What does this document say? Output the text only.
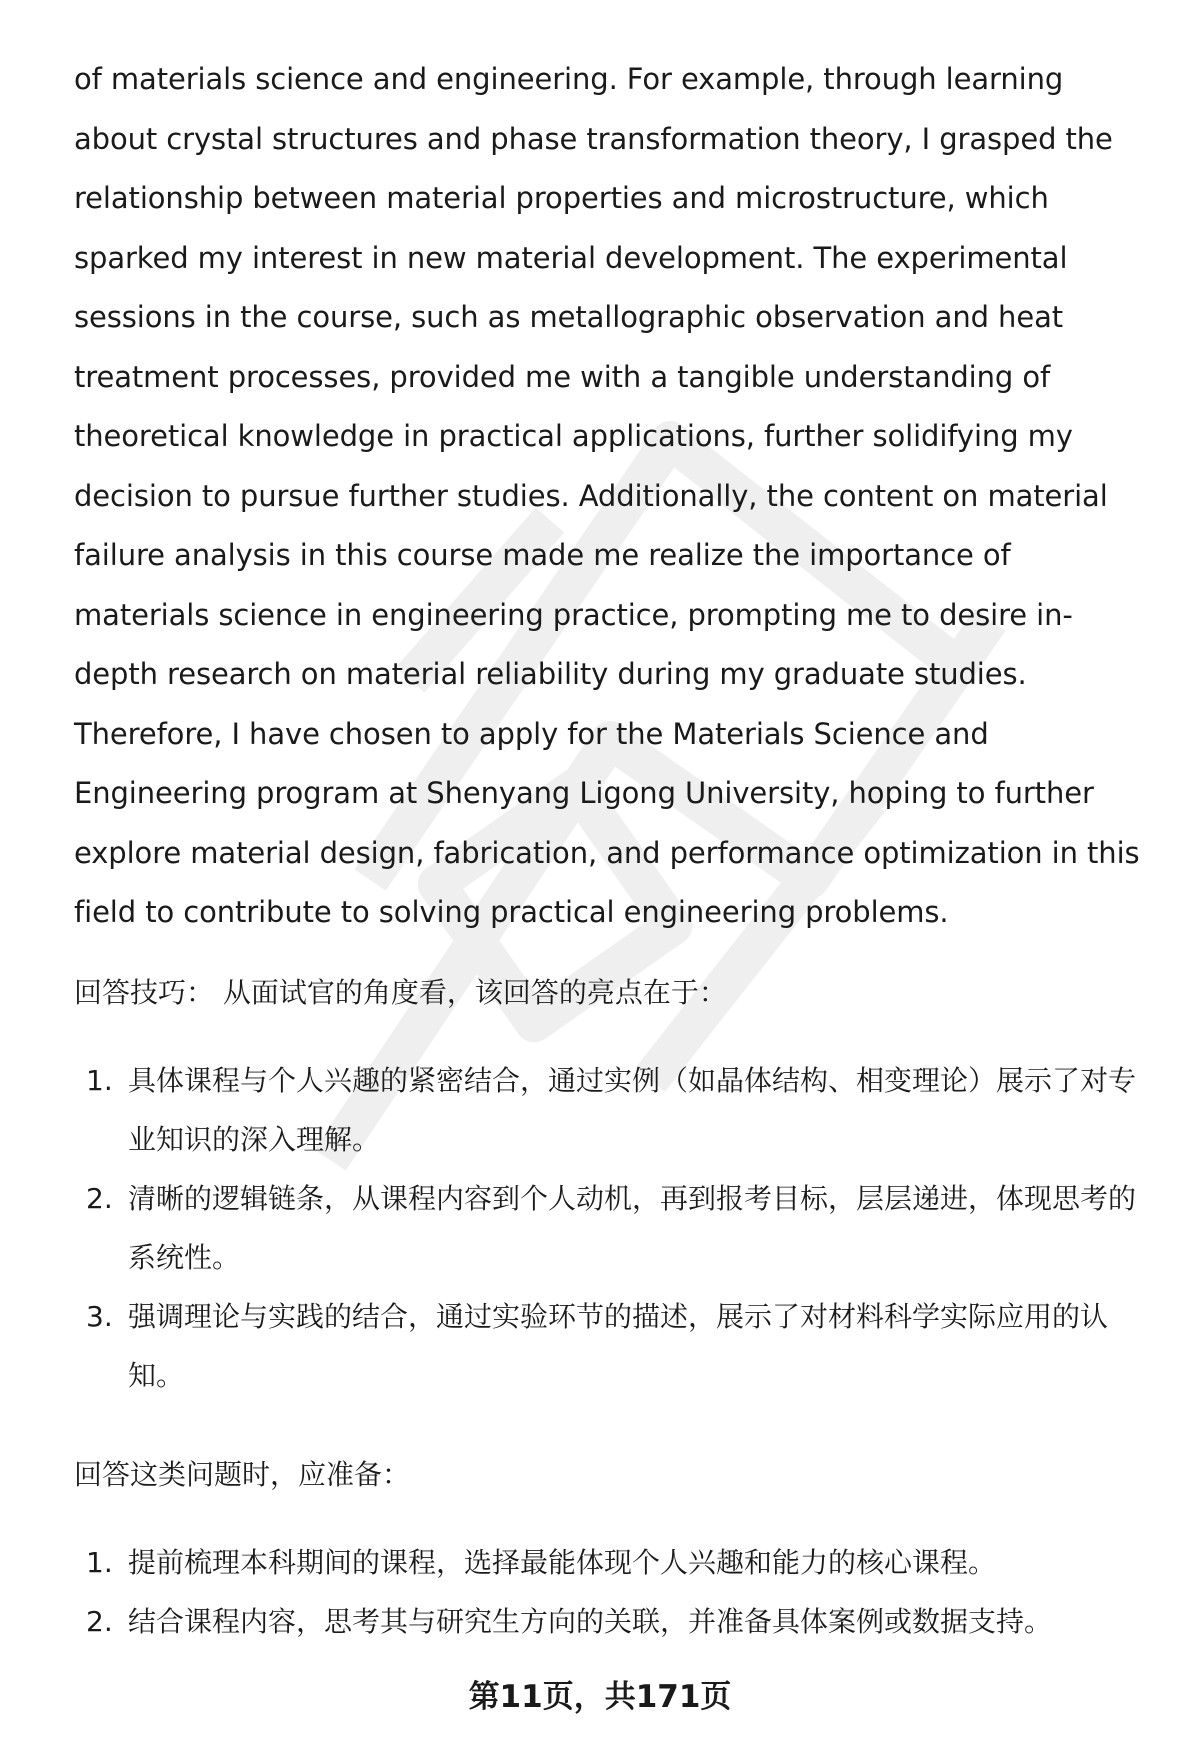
of materials science and engineering. For example, through learning about crystal structures and phase transformation theory, I grasped the relationship between material properties and microstructure, which sparked my interest in new material development. The experimental sessions in the course, such as metallographic observation and heat treatment processes, provided me with a tangible understanding of theoretical knowledge in practical applications, further solidifying my decision to pursue further studies. Additionally, the content on material failure analysis in this course made me realize the importance of materials science in engineering practice, prompting me to desire in-depth research on material reliability during my graduate studies. Therefore, I have chosen to apply for the Materials Science and Engineering program at Shenyang Ligong University, hoping to further explore material design, fabrication, and performance optimization in this field to contribute to solving practical engineering problems.

回答技巧： 从面试官的角度看，该回答的亮点在于：

1. 具体课程与个人兴趣的紧密结合，通过实例（如晶体结构、相变理论）展示了对专业知识的深入理解。
2. 清晰的逻辑链条，从课程内容到个人动机，再到报考目标，层层递进，体现思考的系统性。
3. 强调理论与实践的结合，通过实验环节的描述，展示了对材料科学实际应用的认知。

回答这类问题时，应准备：

1. 提前梳理本科期间的课程，选择最能体现个人兴趣和能力的核心课程。
2. 结合课程内容，思考其与研究生方向的关联，并准备具体案例或数据支持。
第11页，共171页
